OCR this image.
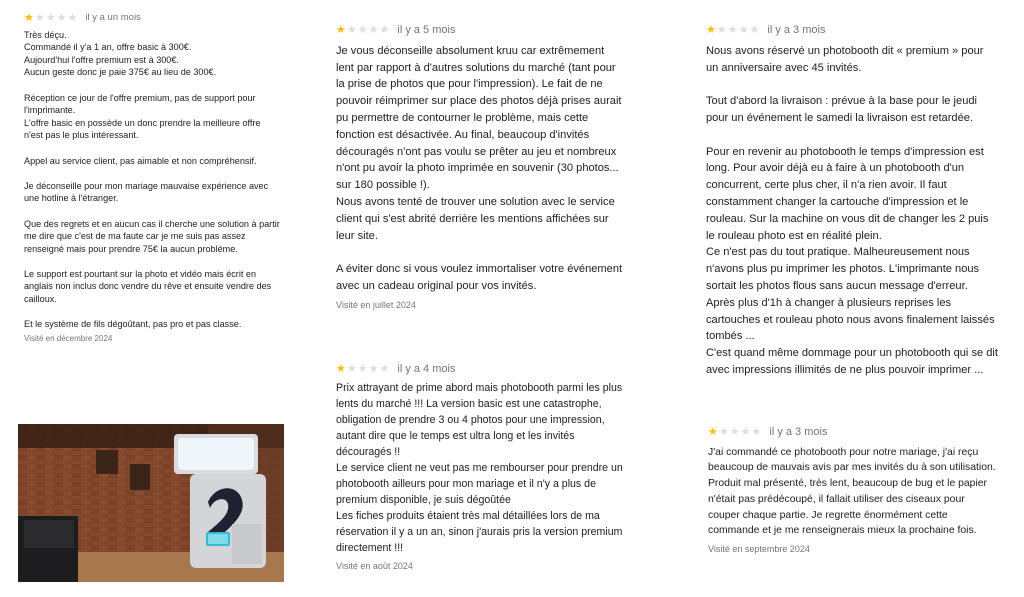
★ ★ ★ ★ ★ il y a un mois

Très déçu.
Commandé il y'a 1 an, offre basic à 300€.
Aujourd'hui l'offre premium est à 300€.
Aucun geste donc je paie 375€ au lieu de 300€.

Réception ce jour de l'offre premium, pas de support pour l'imprimante.
L'offre basic en possède un donc prendre la meilleure offre n'est pas le plus intéressant.

Appel au service client, pas aimable et non compréhensif.

Je déconseille pour mon mariage mauvaise expérience avec une hotline à l'étranger.

Que des regrets et en aucun cas il cherche une solution à partir me dire que c'est de ma faute car je me suis pas assez renseigné mais pour prendre 75€ la aucun problème.

Le support est pourtant sur la photo et vidéo mais écrit en anglais non inclus donc vendre du rêve et ensuite vendre des cailloux.

Et le système de fils dégoûtant, pas pro et pas classe.

Visité en décembre 2024
★ ★ ★ ★ ★ il y a 5 mois

Je vous déconseille absolument kruu car extrêmement lent par rapport à d'autres solutions du marché (tant pour la prise de photos que pour l'impression). Le fait de ne pouvoir réimprimer sur place des photos déjà prises aurait pu permettre de contourner le problème, mais cette fonction est désactivée. Au final, beaucoup d'invités découragés n'ont pas voulu se prêter au jeu et nombreux n'ont pu avoir la photo imprimée en souvenir (30 photos... sur 180 possible !).
Nous avons tenté de trouver une solution avec le service client qui s'est abrité derrière les mentions affichées sur leur site.

A éviter donc si vous voulez immortaliser votre événement avec un cadeau original pour vos invités.

Visité en juillet 2024
★ ★ ★ ★ ★ il y a 4 mois

Prix attrayant de prime abord mais photobooth parmi les plus lents du marché !!! La version basic est une catastrophe, obligation de prendre 3 ou 4 photos pour une impression, autant dire que le temps est ultra long et les invités découragés !!
Le service client ne veut pas me rembourser pour prendre un photobooth ailleurs pour mon mariage et il n'y a plus de premium disponible, je suis dégoûtée
Les fiches produits étaient très mal détaillées lors de ma réservation il y a un an, sinon j'aurais pris la version premium directement !!!

Visité en août 2024
★ ★ ★ ★ ★ il y a 3 mois

Nous avons réservé un photobooth dit « premium » pour un anniversaire avec 45 invités.

Tout d'abord la livraison : prévue à la base pour le jeudi pour un événement le samedi la livraison est retardée.

Pour en revenir au photobooth le temps d'impression est long. Pour avoir déjà eu à faire à un photobooth d'un concurrent, certe plus cher, il n'a rien avoir. Il faut constamment changer la cartouche d'impression et le rouleau. Sur la machine on vous dit de changer les 2 puis le rouleau photo est en réalité plein.
Ce n'est pas du tout pratique. Malheureusement nous n'avons plus pu imprimer les photos. L'imprimante nous sortait les photos flous sans aucun message d'erreur.
Après plus d'1h à changer à plusieurs reprises les cartouches et rouleau photo nous avons finalement laissés tombés ...
C'est quand même dommage pour un photobooth qui se dit avec impressions illimités de ne plus pouvoir imprimer ...

★ ★ ★ ★ ★ il y a 3 mois

J'ai commandé ce photobooth pour notre mariage, j'ai reçu beaucoup de mauvais avis par mes invités du à son utilisation. Produit mal présenté, très lent, beaucoup de bug et le papier n'était pas prédécoupé, il fallait utiliser des ciseaux pour couper chaque partie. Je regrette énormément cette commande et je me renseignerais mieux la prochaine fois.

Visité en septembre 2024
